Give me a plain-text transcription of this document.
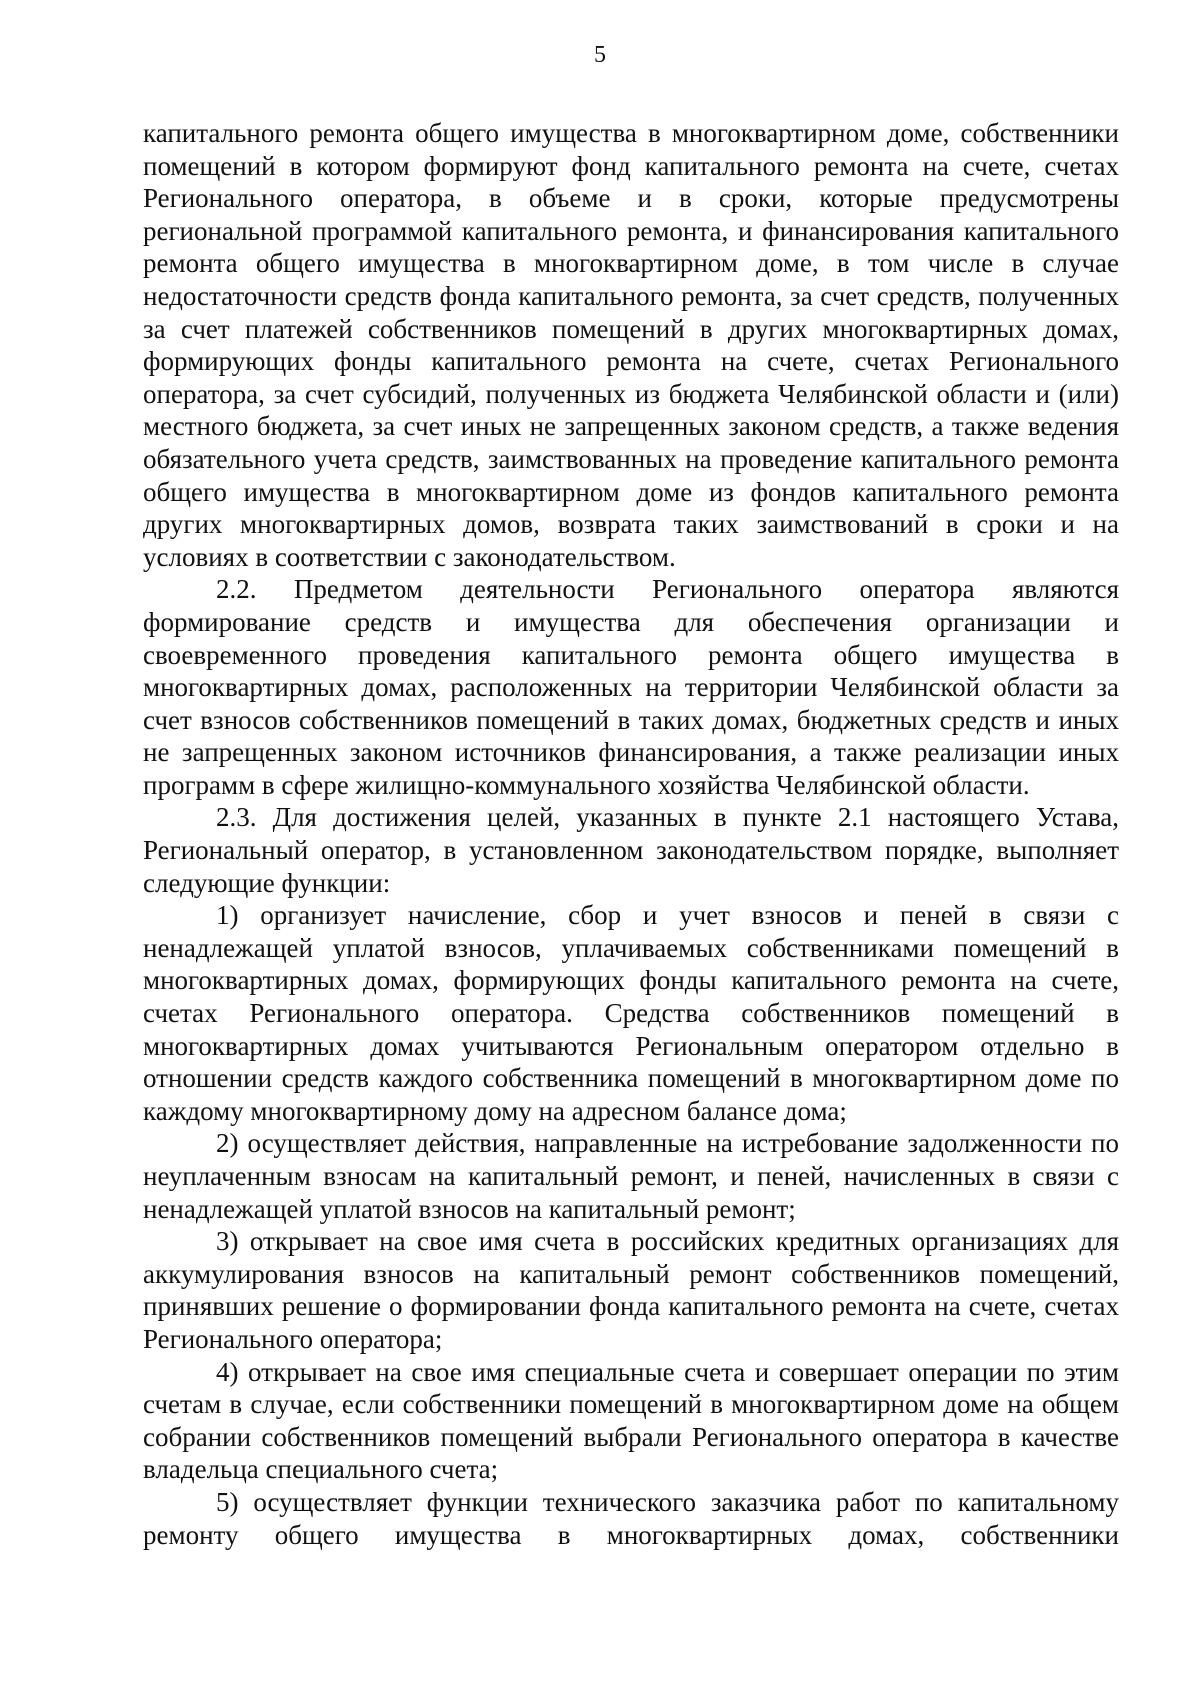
5

капитального ремонта общего имущества в многоквартирном доме, собственники помещений в котором формируют фонд капитального ремонта на счете, счетах Регионального оператора, в объеме и в сроки, которые предусмотрены региональной программой капитального ремонта, и финансирования капитального ремонта общего имущества в многоквартирном доме, в том числе в случае недостаточности средств фонда капитального ремонта, за счет средств, полученных за счет платежей собственников помещений в других многоквартирных домах, формирующих фонды капитального ремонта на счете, счетах Регионального оператора, за счет субсидий, полученных из бюджета Челябинской области и (или) местного бюджета, за счет иных не запрещенных законом средств, а также ведения обязательного учета средств, заимствованных на проведение капитального ремонта общего имущества в многоквартирном доме из фондов капитального ремонта других многоквартирных домов, возврата таких заимствований в сроки и на условиях в соответствии с законодательством.

2.2. Предметом деятельности Регионального оператора являются формирование средств и имущества для обеспечения организации и своевременного проведения капитального ремонта общего имущества в многоквартирных домах, расположенных на территории Челябинской области за счет взносов собственников помещений в таких домах, бюджетных средств и иных не запрещенных законом источников финансирования, а также реализации иных программ в сфере жилищно-коммунального хозяйства Челябинской области.

2.3. Для достижения целей, указанных в пункте 2.1 настоящего Устава, Региональный оператор, в установленном законодательством порядке, выполняет следующие функции:

1) организует начисление, сбор и учет взносов и пеней в связи с ненадлежащей уплатой взносов, уплачиваемых собственниками помещений в многоквартирных домах, формирующих фонды капитального ремонта на счете, счетах Регионального оператора. Средства собственников помещений в многоквартирных домах учитываются Региональным оператором отдельно в отношении средств каждого собственника помещений в многоквартирном доме по каждому многоквартирному дому на адресном балансе дома;

2) осуществляет действия, направленные на истребование задолженности по неуплаченным взносам на капитальный ремонт, и пеней, начисленных в связи с ненадлежащей уплатой взносов на капитальный ремонт;

3) открывает на свое имя счета в российских кредитных организациях для аккумулирования взносов на капитальный ремонт собственников помещений, принявших решение о формировании фонда капитального ремонта на счете, счетах Регионального оператора;

4) открывает на свое имя специальные счета и совершает операции по этим счетам в случае, если собственники помещений в многоквартирном доме на общем собрании собственников помещений выбрали Регионального оператора в качестве владельца специального счета;

5) осуществляет функции технического заказчика работ по капитальному ремонту общего имущества в многоквартирных домах, собственники
